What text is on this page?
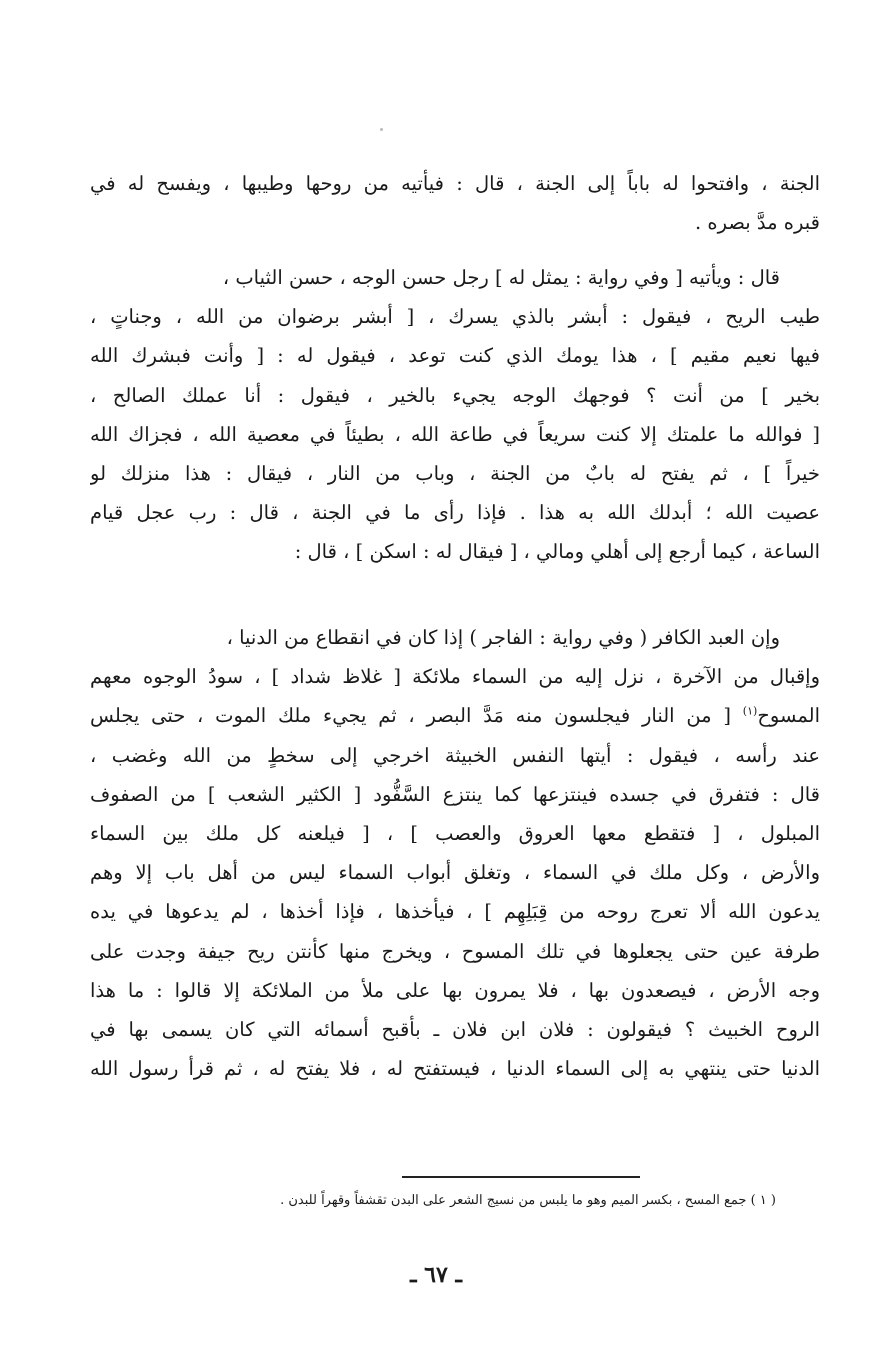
الجنة ، وافتحوا له باباً إلى الجنة ، قال : فيأتيه من روحها وطيبها ، ويفسح له في
قبره مدَّ بصره .
قال : ويأتيه [ وفي رواية : يمثل له ] رجل حسن الوجه ، حسن الثياب ،
طيب الريح ، فيقول : أبشر بالذي يسرك ، [ أبشر برضوان من الله ، وجناتٍ ،
فيها نعيم مقيم ] ، هذا يومك الذي كنت توعد ، فيقول له : [ وأنت فبشرك الله
بخير ] من أنت ؟ فوجهك الوجه يجيء بالخير ، فيقول : أنا عملك الصالح ،
[ فوالله ما علمتك إلا كنت سريعاً في طاعة الله ، بطيئاً في معصية الله ، فجزاك الله
خيراً ] ، ثم يفتح له بابٌ من الجنة ، وباب من النار ، فيقال : هذا منزلك لو
عصيت الله ؛ أبدلك الله به هذا . فإذا رأى ما في الجنة ، قال : رب عجل قيام
الساعة ، كيما أرجع إلى أهلي ومالي ، [ فيقال له : اسكن ] ، قال :
وإن العبد الكافر ( وفي رواية : الفاجر ) إذا كان في انقطاع من الدنيا ،
وإقبال من الآخرة ، نزل إليه من السماء ملائكة [ غلاظ شداد ] ، سودُ الوجوه معهم
المسوح$^{(١)}$ [ من النار فيجلسون منه مَدَّ البصر ، ثم يجيء ملك الموت ، حتى يجلس
عند رأسه ، فيقول : أيتها النفس الخبيثة اخرجي إلى سخطٍ من الله وغضب ،
قال : فتفرق في جسده فينتزعها كما ينتزع السَّفُّود [ الكثير الشعب ] من الصفوف
المبلول ، [ فتقطع معها العروق والعصب ] ، [ فيلعنه كل ملك بين السماء
والأرض ، وكل ملك في السماء ، وتغلق أبواب السماء ليس من أهل باب إلا وهم
يدعون الله ألا تعرج روحه من قِبَلِهِم ] ، فيأخذها ، فإذا أخذها ، لم يدعوها في يده
طرفة عين حتى يجعلوها في تلك المسوح ، ويخرج منها كأنتن ريح جيفة وجدت على
وجه الأرض ، فيصعدون بها ، فلا يمرون بها على ملأ من الملائكة إلا قالوا : ما هذا
الروح الخبيث ؟ فيقولون : فلان ابن فلان ـ بأقبح أسمائه التي كان يسمى بها في
الدنيا حتى ينتهي به إلى السماء الدنيا ، فيستفتح له ، فلا يفتح له ، ثم قرأ رسول الله
( ١ ) جمع المسح ، بكسر الميم وهو ما يلبس من نسيج الشعر على البدن تقشفاً وقهراً للبدن .
ـ ٦٧ ـ
